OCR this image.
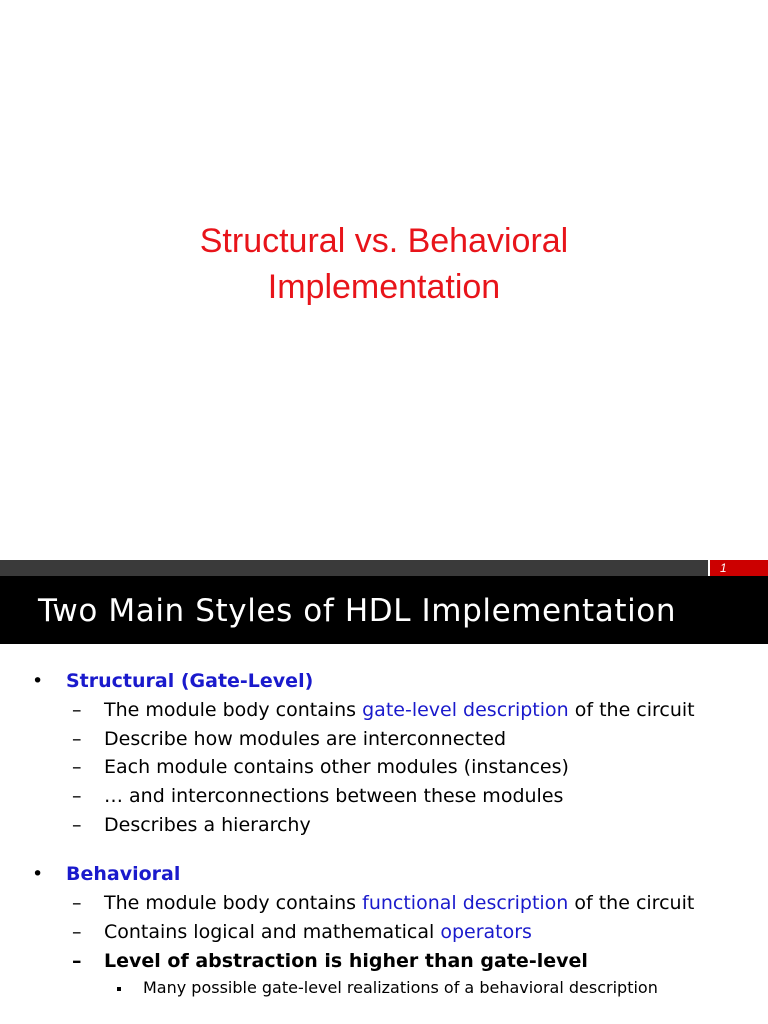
Structural vs. Behavioral
Implementation
1
Two Main Styles of HDL Implementation
• Structural (Gate-Level)
– The module body contains gate-level description of the circuit
– Describe how modules are interconnected
– Each module contains other modules (instances)
– … and interconnections between these modules
– Describes a hierarchy
• Behavioral
– The module body contains functional description of the circuit
– Contains logical and mathematical operators
– Level of abstraction is higher than gate-level
Many possible gate-level realizations of a behavioral description
